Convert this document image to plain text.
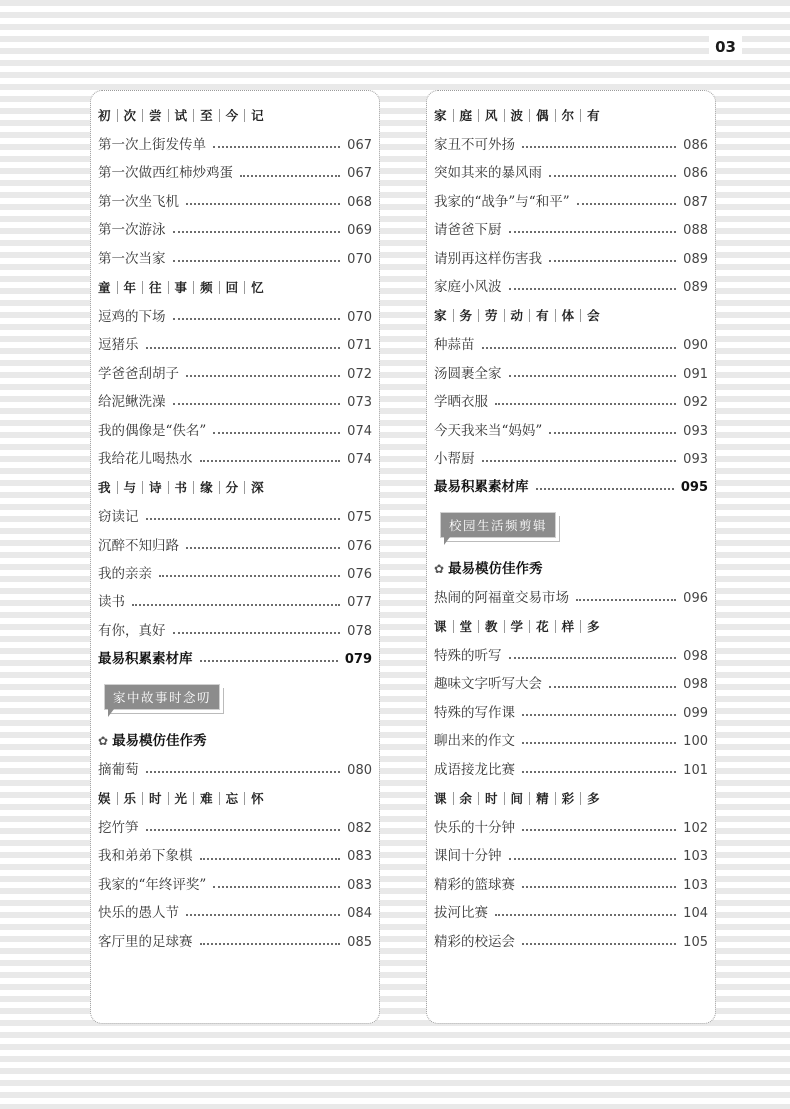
03
初 次 尝 试 至 今 记
第一次上街发传单	067
第一次做西红柿炒鸡蛋	067
第一次坐飞机	068
第一次游泳	069
第一次当家	070
童 年 往 事 频 回 忆
逗鸡的下场	070
逗猪乐	071
学爸爸刮胡子	072
给泥鳅洗澡	073
我的偶像是“佚名”	074
我给花儿喝热水	074
我 与 诗 书 缘 分 深
窃读记	075
沉醉不知归路	076
我的亲亲	076
读书	077
有你，真好	078
最易积累素材库	079
家中故事时念叨
✿ 最易模仿佳作秀
摘葡萄	080
娱 乐 时 光 难 忘 怀
挖竹笋	082
我和弟弟下象棋	083
我家的“年终评奖”	083
快乐的愚人节	084
客厅里的足球赛	085
家 庭 风 波 偶 尔 有
家丑不可外扬	086
突如其来的暴风雨	086
我家的“战争”与“和平”	087
请爸爸下厨	088
请别再这样伤害我	089
家庭小风波	089
家 务 劳 动 有 体 会
种蒜苗	090
汤圆裹全家	091
学晒衣服	092
今天我来当“妈妈”	093
小帮厨	093
最易积累素材库	095
校园生活频剪辑
✿ 最易模仿佳作秀
热闹的阿福童交易市场	096
课 堂 教 学 花 样 多
特殊的听写	098
趣味文字听写大会	098
特殊的写作课	099
聊出来的作文	100
成语接龙比赛	101
课 余 时 间 精 彩 多
快乐的十分钟	102
课间十分钟	103
精彩的篮球赛	103
拔河比赛	104
精彩的校运会	105
